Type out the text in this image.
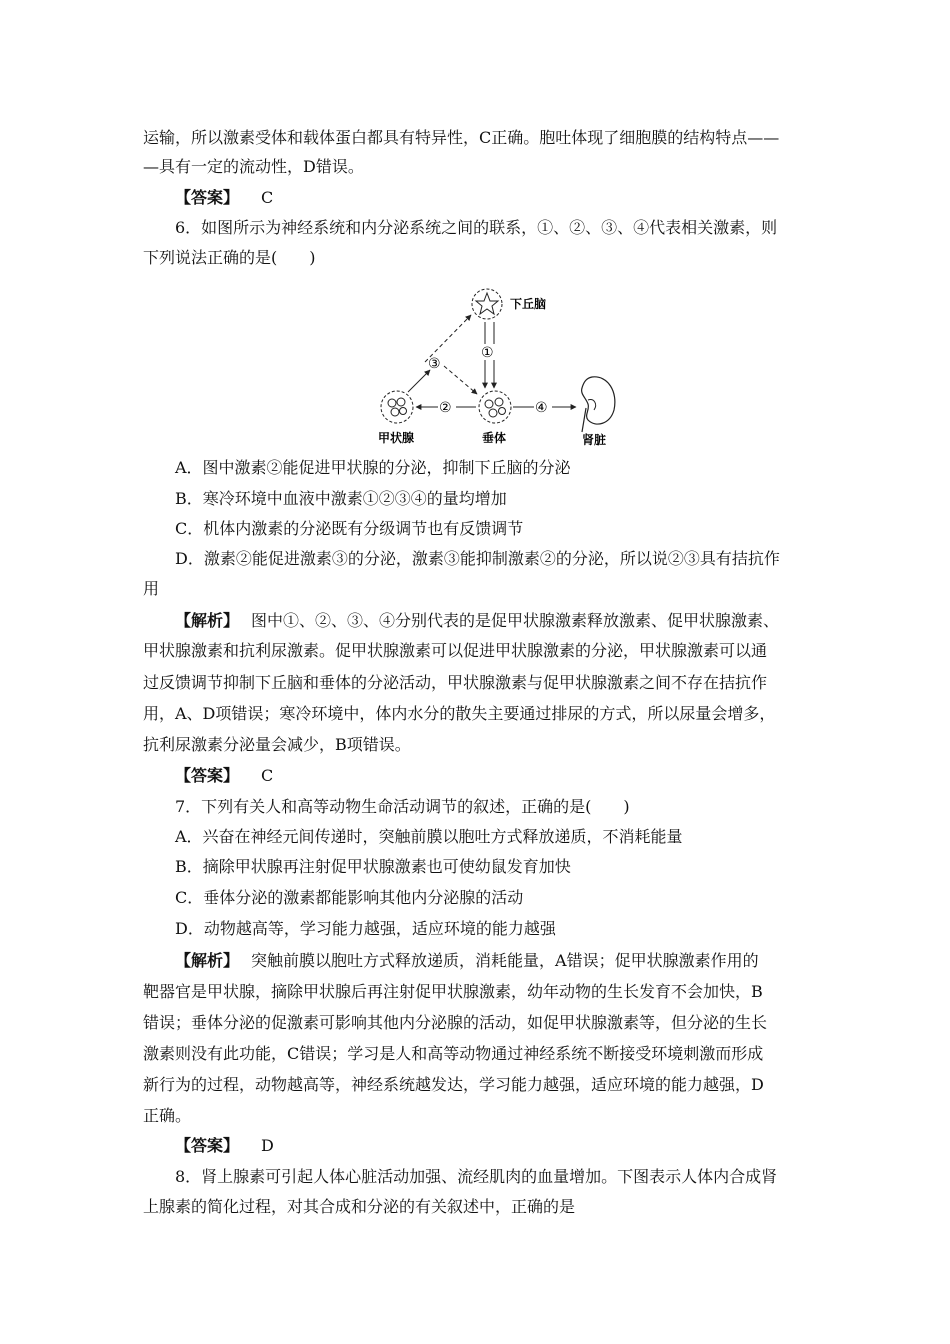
运输，所以激素受体和载体蛋白都具有特异性，C正确。胞吐体现了细胞膜的结构特点——
—具有一定的流动性，D错误。
【答案】 C
6．如图所示为神经系统和内分泌系统之间的联系，①、②、③、④代表相关激素，则
下列说法正确的是(　　)
下丘脑
垂体
甲状腺	肾脏
①
②
③
④
A．图中激素②能促进甲状腺的分泌，抑制下丘脑的分泌
B．寒冷环境中血液中激素①②③④的量均增加
C．机体内激素的分泌既有分级调节也有反馈调节
D．激素②能促进激素③的分泌，激素③能抑制激素②的分泌，所以说②③具有拮抗作
用
【解析】 图中①、②、③、④分别代表的是促甲状腺激素释放激素、促甲状腺激素、
甲状腺激素和抗利尿激素。促甲状腺激素可以促进甲状腺激素的分泌，甲状腺激素可以通
过反馈调节抑制下丘脑和垂体的分泌活动，甲状腺激素与促甲状腺激素之间不存在拮抗作
用，A、D项错误；寒冷环境中，体内水分的散失主要通过排尿的方式，所以尿量会增多，
抗利尿激素分泌量会减少，B项错误。
【答案】 C
7．下列有关人和高等动物生命活动调节的叙述，正确的是(　　)
A．兴奋在神经元间传递时，突触前膜以胞吐方式释放递质，不消耗能量
B．摘除甲状腺再注射促甲状腺激素也可使幼鼠发育加快
C．垂体分泌的激素都能影响其他内分泌腺的活动
D．动物越高等，学习能力越强，适应环境的能力越强
【解析】 突触前膜以胞吐方式释放递质，消耗能量，A错误；促甲状腺激素作用的
靶器官是甲状腺，摘除甲状腺后再注射促甲状腺激素，幼年动物的生长发育不会加快，B
错误；垂体分泌的促激素可影响其他内分泌腺的活动，如促甲状腺激素等，但分泌的生长
激素则没有此功能，C错误；学习是人和高等动物通过神经系统不断接受环境刺激而形成
新行为的过程，动物越高等，神经系统越发达，学习能力越强，适应环境的能力越强，D
正确。
【答案】 D
8．肾上腺素可引起人体心脏活动加强、流经肌肉的血量增加。下图表示人体内合成肾
上腺素的简化过程，对其合成和分泌的有关叙述中，正确的是
